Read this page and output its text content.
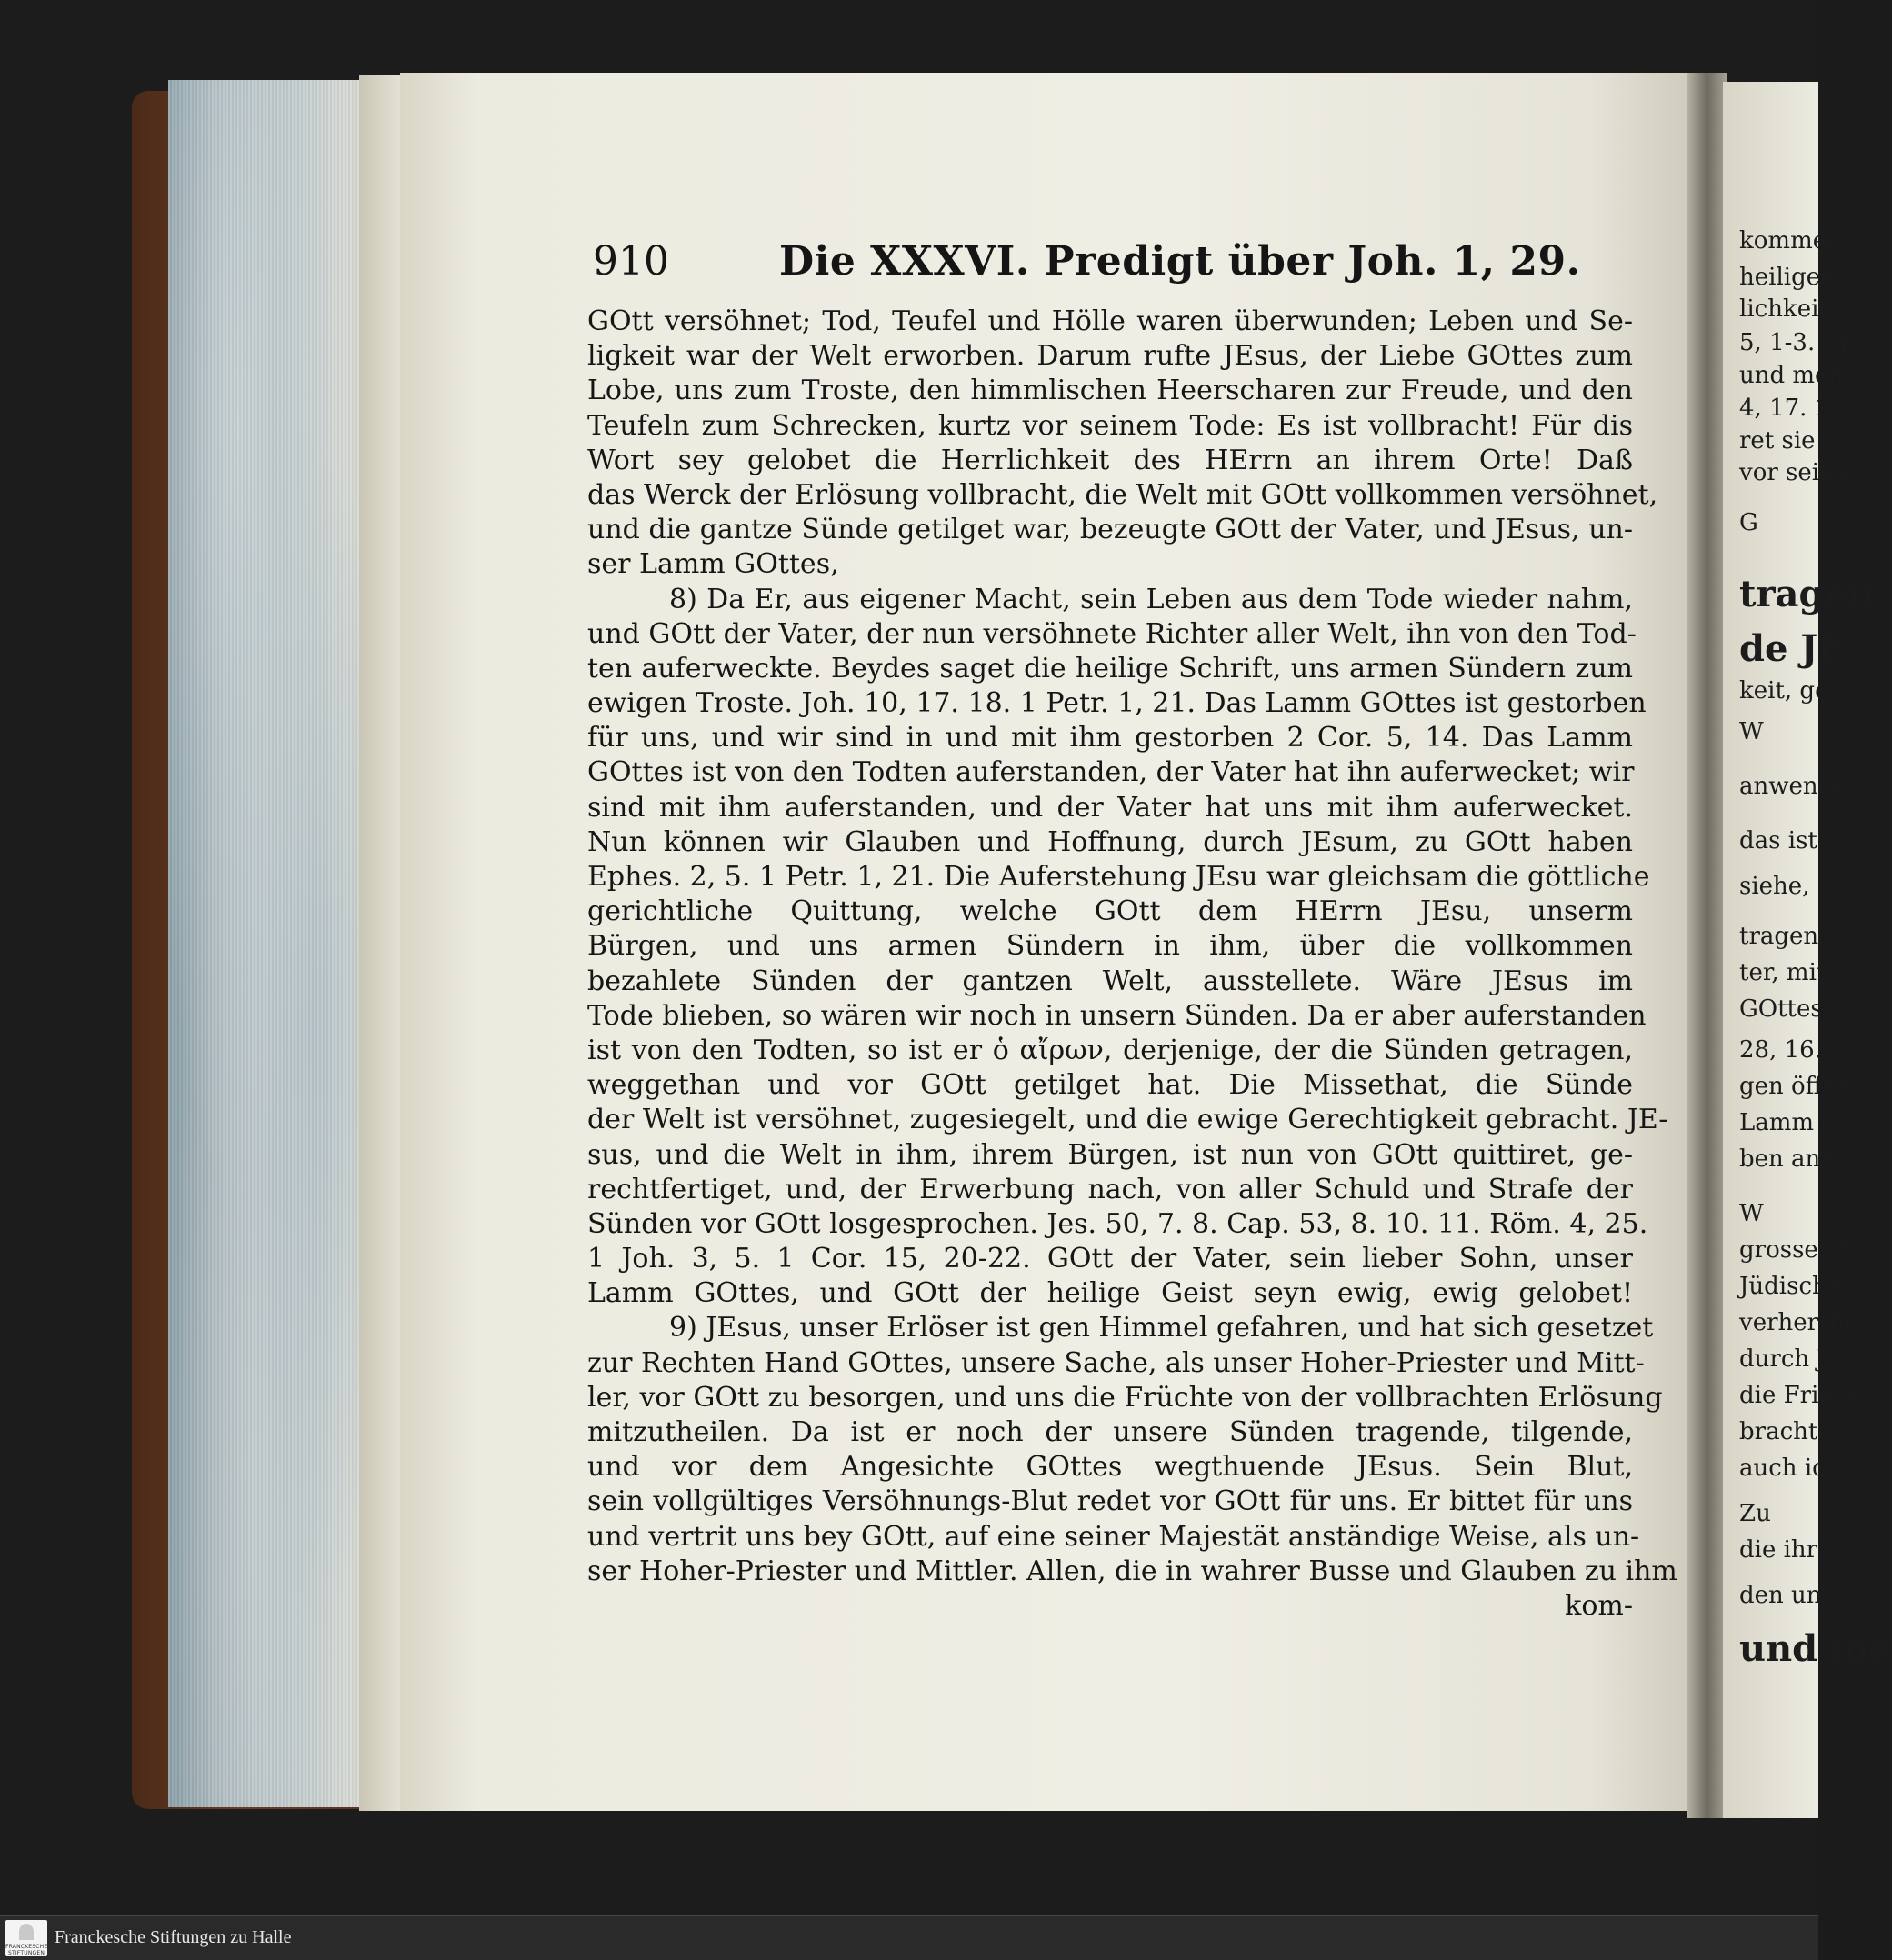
910	Die XXXVI. Predigt über Joh. 1, 29.
GOtt versöhnet; Tod, Teufel und Hölle waren überwunden; Leben und Se-
ligkeit war der Welt erworben. Darum rufte JEsus, der Liebe GOttes zum
Lobe, uns zum Troste, den himmlischen Heerscharen zur Freude, und den
Teufeln zum Schrecken, kurtz vor seinem Tode: Es ist vollbracht! Für dis
Wort sey gelobet die Herrlichkeit des HErrn an ihrem Orte! Daß
das Werck der Erlösung vollbracht, die Welt mit GOtt vollkommen versöhnet,
und die gantze Sünde getilget war, bezeugte GOtt der Vater, und JEsus, un-
ser Lamm GOttes,
8) Da Er, aus eigener Macht, sein Leben aus dem Tode wieder nahm,
und GOtt der Vater, der nun versöhnete Richter aller Welt, ihn von den Tod-
ten auferweckte. Beydes saget die heilige Schrift, uns armen Sündern zum
ewigen Troste. Joh. 10, 17. 18. 1 Petr. 1, 21. Das Lamm GOttes ist gestorben
für uns, und wir sind in und mit ihm gestorben 2 Cor. 5, 14. Das Lamm
GOttes ist von den Todten auferstanden, der Vater hat ihn auferwecket; wir
sind mit ihm auferstanden, und der Vater hat uns mit ihm auferwecket.
Nun können wir Glauben und Hoffnung, durch JEsum, zu GOtt haben
Ephes. 2, 5. 1 Petr. 1, 21. Die Auferstehung JEsu war gleichsam die göttliche
gerichtliche Quittung, welche GOtt dem HErrn JEsu, unserm
Bürgen, und uns armen Sündern in ihm, über die vollkommen
bezahlete Sünden der gantzen Welt, ausstellete. Wäre JEsus im
Tode blieben, so wären wir noch in unsern Sünden. Da er aber auferstanden
ist von den Todten, so ist er ὁ αἴρων, derjenige, der die Sünden getragen,
weggethan und vor GOtt getilget hat. Die Missethat, die Sünde
der Welt ist versöhnet, zugesiegelt, und die ewige Gerechtigkeit gebracht. JE-
sus, und die Welt in ihm, ihrem Bürgen, ist nun von GOtt quittiret, ge-
rechtfertiget, und, der Erwerbung nach, von aller Schuld und Strafe der
Sünden vor GOtt losgesprochen. Jes. 50, 7. 8. Cap. 53, 8. 10. 11. Röm. 4, 25.
1 Joh. 3, 5. 1 Cor. 15, 20-22. GOtt der Vater, sein lieber Sohn, unser
Lamm GOttes, und GOtt der heilige Geist seyn ewig, ewig gelobet!
9) JEsus, unser Erlöser ist gen Himmel gefahren, und hat sich gesetzet
zur Rechten Hand GOttes, unsere Sache, als unser Hoher-Priester und Mitt-
ler, vor GOtt zu besorgen, und uns die Früchte von der vollbrachten Erlösung
mitzutheilen. Da ist er noch der unsere Sünden tragende, tilgende,
und vor dem Angesichte GOttes wegthuende JEsus. Sein Blut,
sein vollgültiges Versöhnungs-Blut redet vor GOtt für uns. Er bittet für uns
und vertrit uns bey GOtt, auf eine seiner Majestät anständige Weise, als un-
ser Hoher-Priester und Mittler. Allen, die in wahrer Busse und Glauben zu ihm
kom-
kommen
heiligen G
lichkeit, d
5, 1-3. Ep
und meh
4, 17. 18.
ret sie d
vor seiner
G
tragen
de JE
keit, ge
W
anwende
das ist
siehe,
tragen u
ter, mit d
GOttes,
28, 16. C
gen öffne
Lamm G
ben anne
W
grossen V
Jüdische
verherrlic
durch JE
die Friede
brachte V
auch ich a
Zu
die ihr
den und
und me
FRANCKESCHE STIFTUNGEN
Franckesche Stiftungen zu Halle
